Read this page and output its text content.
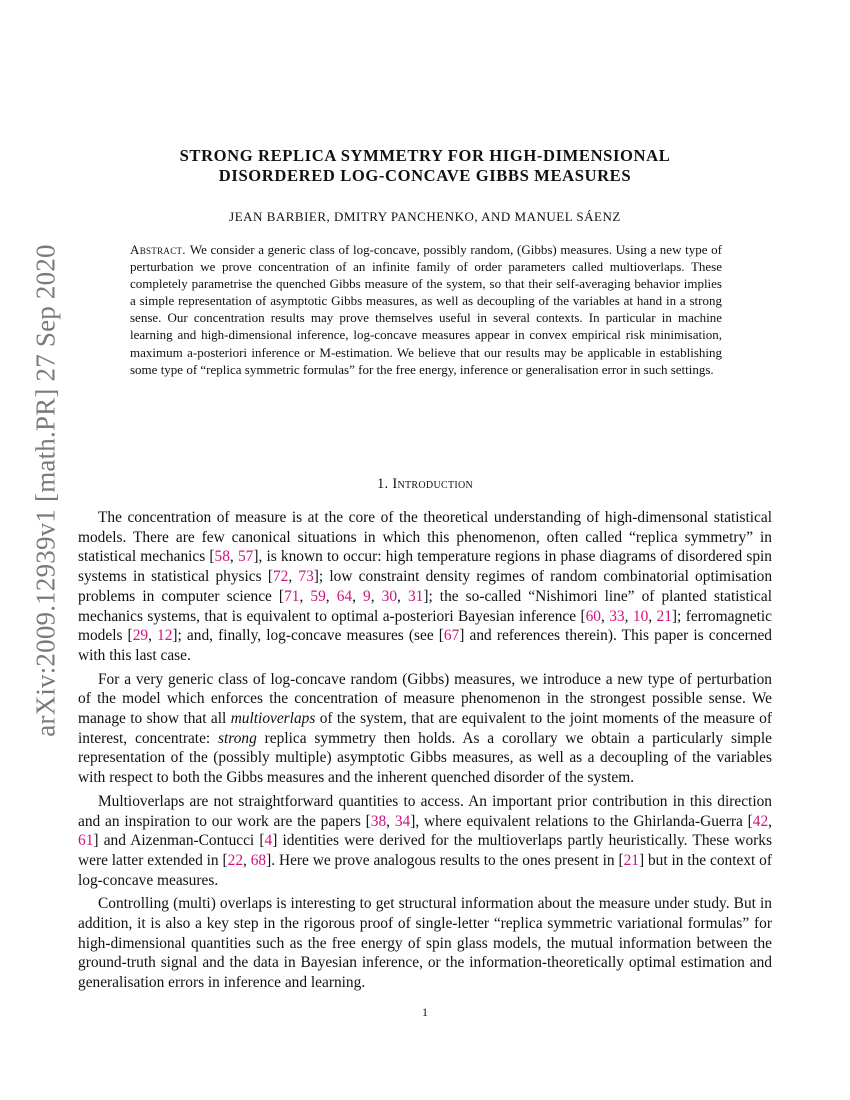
arXiv:2009.12939v1 [math.PR] 27 Sep 2020
STRONG REPLICA SYMMETRY FOR HIGH-DIMENSIONAL
DISORDERED LOG-CONCAVE GIBBS MEASURES
JEAN BARBIER, DMITRY PANCHENKO, AND MANUEL SÁENZ
Abstract. We consider a generic class of log-concave, possibly random, (Gibbs) measures. Using a new type of perturbation we prove concentration of an infinite family of order parameters called multioverlaps. These completely parametrise the quenched Gibbs measure of the system, so that their self-averaging behavior implies a simple representation of asymptotic Gibbs measures, as well as decoupling of the variables at hand in a strong sense. Our concentration results may prove themselves useful in several contexts. In particular in machine learning and high-dimensional inference, log-concave measures appear in convex empirical risk minimisation, maximum a-posteriori inference or M-estimation. We believe that our results may be applicable in establishing some type of “replica symmetric formulas” for the free energy, inference or generalisation error in such settings.
1. Introduction

The concentration of measure is at the core of the theoretical understanding of high-dimensonal statistical models. There are few canonical situations in which this phenomenon, often called “replica symmetry” in statistical mechanics [58, 57], is known to occur: high temperature regions in phase diagrams of disordered spin systems in statistical physics [72, 73]; low constraint density regimes of random combinatorial optimisation problems in computer science [71, 59, 64, 9, 30, 31]; the so-called “Nishimori line” of planted statistical mechanics systems, that is equivalent to optimal a-posteriori Bayesian inference [60, 33, 10, 21]; ferromagnetic models [29, 12]; and, finally, log-concave measures (see [67] and references therein). This paper is concerned with this last case.

For a very generic class of log-concave random (Gibbs) measures, we introduce a new type of perturbation of the model which enforces the concentration of measure phenomenon in the strongest possible sense. We manage to show that all multioverlaps of the system, that are equivalent to the joint moments of the measure of interest, concentrate: strong replica symmetry then holds. As a corollary we obtain a particularly simple representation of the (possibly multiple) asymptotic Gibbs measures, as well as a decoupling of the variables with respect to both the Gibbs measures and the inherent quenched disorder of the system.

Multioverlaps are not straightforward quantities to access. An important prior contribution in this direction and an inspiration to our work are the papers [38, 34], where equivalent relations to the Ghirlanda-Guerra [42, 61] and Aizenman-Contucci [4] identities were derived for the multioverlaps partly heuristically. These works were latter extended in [22, 68]. Here we prove analogous results to the ones present in [21] but in the context of log-concave measures.

Controlling (multi) overlaps is interesting to get structural information about the measure under study. But in addition, it is also a key step in the rigorous proof of single-letter “replica symmetric variational formulas” for high-dimensional quantities such as the free energy of spin glass models, the mutual information between the ground-truth signal and the data in Bayesian inference, or the information-theoretically optimal estimation and generalisation errors in inference and learning.

1
